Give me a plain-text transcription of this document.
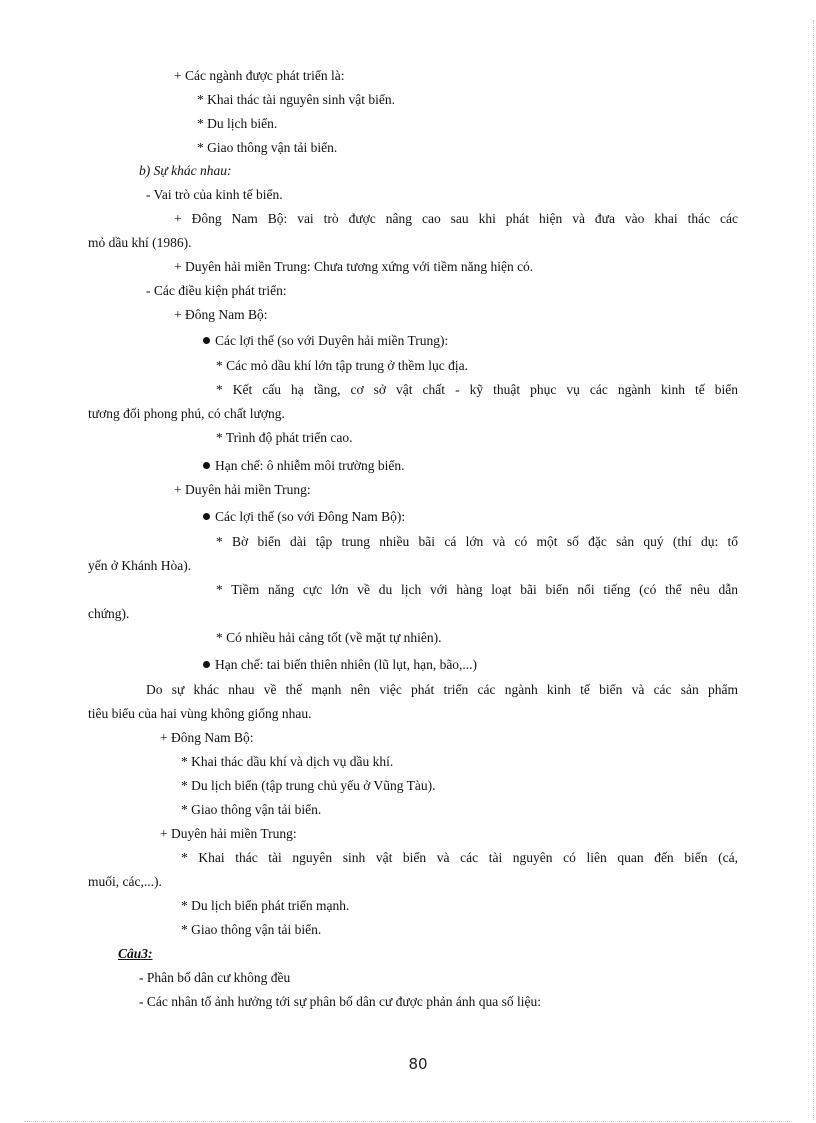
+ Các ngành được phát triển là:
* Khai thác tài nguyên sinh vật biển.
* Du lịch biển.
* Giao thông vận tải biển.
b) Sự khác nhau:
- Vai trò của kinh tế biển.
+ Đông Nam Bộ: vai trò được nâng cao sau khi phát hiện và đưa vào khai thác các
mỏ dầu khí (1986).
+ Duyên hải miền Trung: Chưa tương xứng với tiềm năng hiện có.
- Các điều kiện phát triển:
+ Đông Nam Bộ:
Các lợi thế (so với Duyên hải miền Trung):
* Các mỏ dầu khí lớn tập trung ở thềm lục địa.
* Kết cấu hạ tầng, cơ sở vật chất - kỹ thuật phục vụ các ngành kinh tế biển
tương đối phong phú, có chất lượng.
* Trình độ phát triển cao.
Hạn chế: ô nhiễm môi trường biển.
+ Duyên hải miền Trung:
Các lợi thế (so với Đông Nam Bộ):
* Bờ biển dài tập trung nhiều bãi cá lớn và có một số đặc sản quý (thí dụ: tổ
yến ở Khánh Hòa).
* Tiềm năng cực lớn về du lịch với hàng loạt bãi biển nổi tiếng (có thể nêu dẫn
chứng).
* Có nhiều hải cảng tốt (về mặt tự nhiên).
Hạn chế: tai biến thiên nhiên (lũ lụt, hạn, bão,...)
Do sự khác nhau về thế mạnh nên việc phát triển các ngành kinh tế biển và các sản phẩm
tiêu biểu của hai vùng không giống nhau.
+ Đông Nam Bộ:
* Khai thác dầu khí và dịch vụ dầu khí.
* Du lịch biển (tập trung chủ yếu ở Vũng Tàu).
* Giao thông vận tải biển.
+ Duyên hải miền Trung:
* Khai thác tài nguyên sinh vật biển và các tài nguyên có liên quan đến biển (cá,
muối, các,...).
* Du lịch biển phát triển mạnh.
* Giao thông vận tải biển.
Câu3:
- Phân bố dân cư không đều
- Các nhân tố ảnh hưởng tới sự phân bố dân cư được phản ánh qua số liệu:
80
